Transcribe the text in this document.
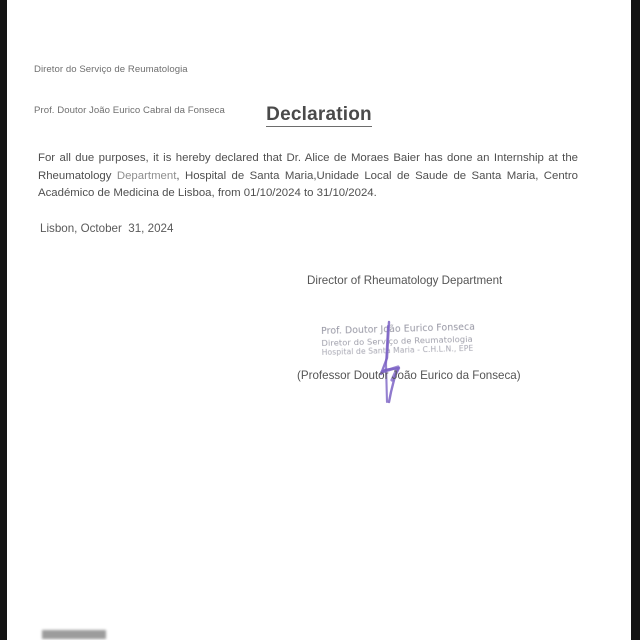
Diretor do Serviço de Reumatologia

Prof. Doutor João Eurico Cabral da Fonseca

	Declaration
For all due purposes, it is hereby declared that Dr. Alice de Moraes Baier has done an Internship at the Rheumatology Department, Hospital de Santa Maria,Unidade Local de Saude de Santa Maria, Centro Académico de Medicina de Lisboa, from 01/10/2024 to 31/10/2024.
Lisbon, October  31, 2024
Director of Rheumatology Department
Prof. Doutor João Eurico Fonseca
Diretor do Serviço de Reumatologia
Hospital de Santa Maria - C.H.L.N., EPE
(Professor Doutor João Eurico da Fonseca)
